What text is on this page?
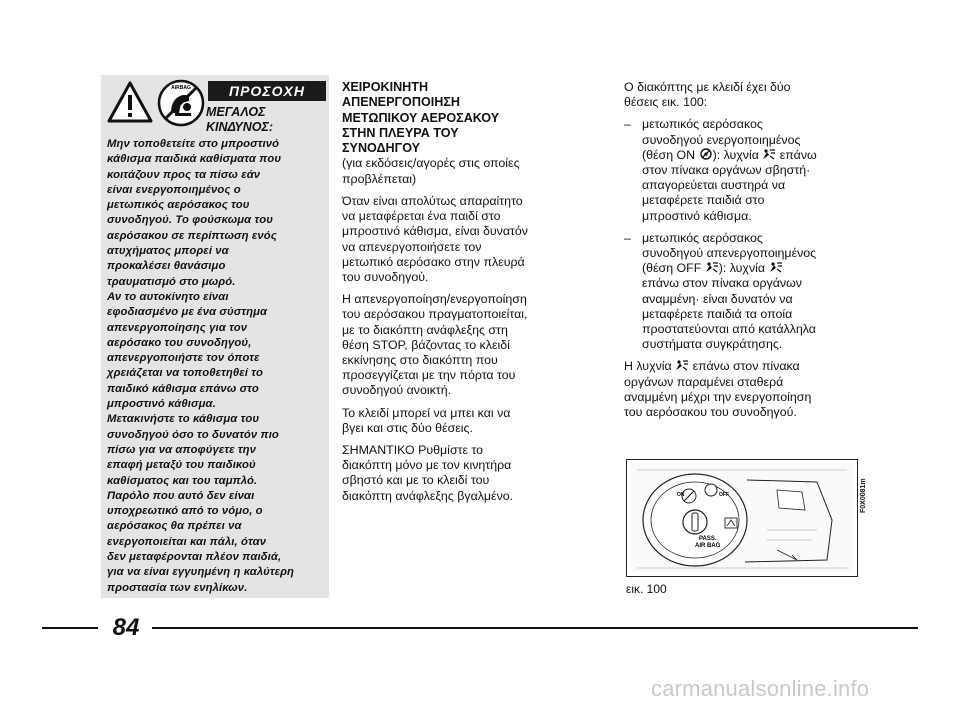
AIRBAG	ΠΡΟΣΟΧΗ
ΜΕΓΑΛΟΣ
ΚΙΝΔΥΝΟΣ:
Μην τοποθετείτε στο μπροστινό
κάθισμα παιδικά καθίσματα που
κοιτάζουν προς τα πίσω εάν
είναι ενεργοποιημένος ο
μετωπικός αερόσακος του
συνοδηγού. Το φούσκωμα του
αερόσακου σε περίπτωση ενός
ατυχήματος μπορεί να
προκαλέσει θανάσιμο
τραυματισμό στο μωρό.
Αν το αυτοκίνητο είναι
εφοδιασμένο με ένα σύστημα
απενεργοποίησης για τον
αερόσακο του συνοδηγού,
απενεργοποιήστε τον όποτε
χρειάζεται να τοποθετηθεί το
παιδικό κάθισμα επάνω στο
μπροστινό κάθισμα.
Μετακινήστε το κάθισμα του
συνοδηγού όσο το δυνατόν πιο
πίσω για να αποφύγετε την
επαφή μεταξύ του παιδικού
καθίσματος και του ταμπλό.
Παρόλο που αυτό δεν είναι
υποχρεωτικό από το νόμο, ο
αερόσακος θα πρέπει να
ενεργοποιείται και πάλι, όταν
δεν μεταφέρονται πλέον παιδιά,
για να είναι εγγυημένη η καλύτερη
προστασία των ενηλίκων.

ΧΕΙΡΟΚΙΝΗΤΗ
ΑΠΕΝΕΡΓΟΠΟΙΗΣΗ
ΜΕΤΩΠΙΚΟΥ ΑΕΡΟΣΑΚΟΥ
ΣΤΗΝ ΠΛΕΥΡΑ ΤΟΥ
ΣΥΝΟΔΗΓΟΥ

(για εκδόσεις/αγορές στις οποίες
προβλέπεται)

Όταν είναι απολύτως απαραίτητο
να μεταφέρεται ένα παιδί στο
μπροστινό κάθισμα, είναι δυνατόν
να απενεργοποιήσετε τον
μετωπικό αερόσακο στην πλευρά
του συνοδηγού.

Η απενεργοποίηση/ενεργοποίηση
του αερόσακου πραγματοποιείται,
με το διακόπτη ανάφλεξης στη
θέση STOP, βάζοντας το κλειδί
εκκίνησης στο διακόπτη που
προσεγγίζεται με την πόρτα του
συνοδηγού ανοικτή.

Το κλειδί μπορεί να μπει και να
βγει και στις δύο θέσεις.

ΣΗΜΑΝΤΙΚΟ Ρυθμίστε το
διακόπτη μόνο με τον κινητήρα
σβηστό και με το κλειδί του
διακόπτη ανάφλεξης βγαλμένο.

Ο διακόπτης με κλειδί έχει δύο
θέσεις εικ. 100:

– μετωπικός αερόσακος
συνοδηγού ενεργοποιημένος
(θέση ON ): λυχνία  επάνω
στον πίνακα οργάνων σβηστή·
απαγορεύεται αυστηρά να
μεταφέρετε παιδιά στο
μπροστινό κάθισμα.
– μετωπικός αερόσακος
συνοδηγού απενεργοποιημένος
(θέση OFF ): λυχνία
επάνω στον πίνακα οργάνων
αναμμένη· είναι δυνατόν να
μεταφέρετε παιδιά τα οποία
προστατεύονται από κατάλληλα
συστήματα συγκράτησης.

Η λυχνία  επάνω στον πίνακα
οργάνων παραμένει σταθερά
αναμμένη μέχρι την ενεργοποίηση
του αερόσακου του συνοδηγού.

ON	OFF
PASS.
AIR BAG
F0X0081m
εικ. 100
84
carmanualsonline.info
